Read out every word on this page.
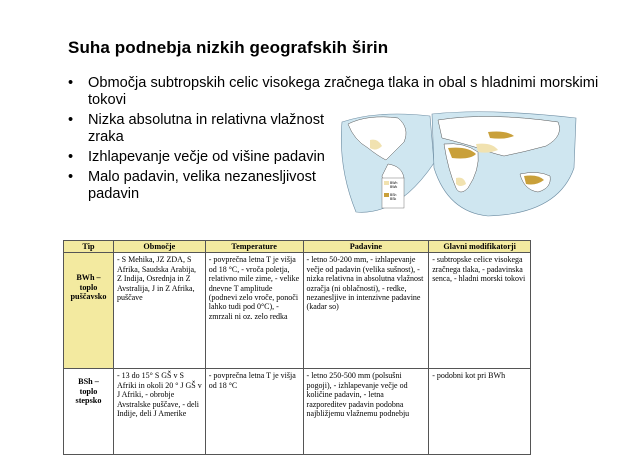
Suha podnebja nizkih geografskih širin
• Območja subtropskih celic visokega zračnega tlaka in obal s hladnimi morskimi tokovi
• Nizka absolutna in relativna vlažnost zraka
• Izhlapevanje večje od višine padavin
• Malo padavin, velika nezanesljivost padavin
BWh
BWk
BSh
BSk
Tip	Območje	Temperature	Padavine	Glavni modifikatorji

BWh –
toplo
puščavsko	- S Mehika, JZ ZDA, S Afrika, Saudska Arabija, Z Indija, Osrednja in Z Avstralija, J in Z Afrika, puščave	- povprečna letna T je višja od 18 °C, - vroča poletja, relativno mile zime, - velike dnevne T amplitude (podnevi zelo vroče, ponoči lahko tudi pod 0°C), - zmrzali ni oz. zelo redka	- letno 50-200 mm, - izhlapevanje večje od padavin (velika sušnost), - nizka relativna in absolutna vlažnost ozračja (ni oblačnosti), - redke, nezanesljive in intenzivne padavine (kadar so)	- subtropske celice visokega zračnega tlaka, - padavinska senca, - hladni morski tokovi

BSh –
toplo
stepsko	- 13 do 15° S GŠ v S Afriki in okoli 20 ° J GŠ v J Afriki, - obrobje Avstralske puščave, - deli Indije, deli J Amerike	- povprečna letna T je višja od 18 °C	- letno 250-500 mm (polsušni pogoji), - izhlapevanje večje od količine padavin, - letna razporeditev padavin podobna najbližjemu vlažnemu podnebju	- podobni kot pri BWh
